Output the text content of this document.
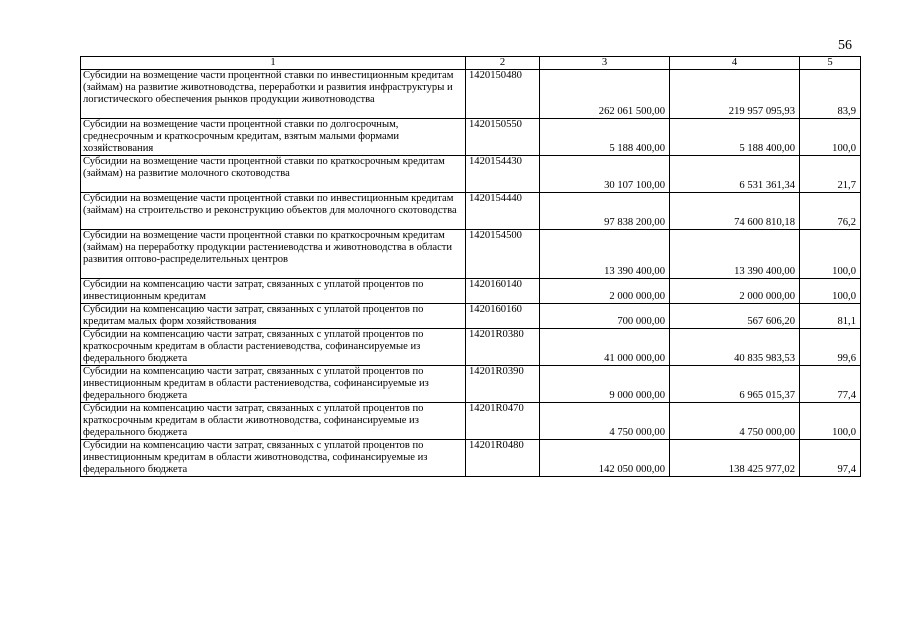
56
1	2	3	4	5
Субсидии на возмещение части процентной ставки по инвестиционным кредитам (займам) на развитие животноводства, переработки и развития инфраструктуры и логистического обеспечения рынков продукции животноводства	1420150480	262 061 500,00	219 957 095,93	83,9
Субсидии на возмещение части процентной ставки по долгосрочным, среднесрочным и краткосрочным кредитам, взятым малыми формами хозяйствования	1420150550	5 188 400,00	5 188 400,00	100,0
Субсидии на возмещение части процентной ставки по краткосрочным кредитам (займам) на развитие молочного скотоводства	1420154430	30 107 100,00	6 531 361,34	21,7
Субсидии на возмещение части процентной ставки по инвестиционным кредитам (займам) на строительство и реконструкцию объектов для молочного скотоводства	1420154440	97 838 200,00	74 600 810,18	76,2
Субсидии на возмещение части процентной ставки по краткосрочным кредитам (займам) на переработку продукции растениеводства и животноводства в области развития оптово-распределительных центров	1420154500	13 390 400,00	13 390 400,00	100,0
Субсидии на компенсацию части затрат, связанных с уплатой процентов по инвестиционным кредитам	1420160140	2 000 000,00	2 000 000,00	100,0
Субсидии на компенсацию части затрат, связанных с уплатой процентов по кредитам малых форм хозяйствования	1420160160	700 000,00	567 606,20	81,1
Субсидии на компенсацию части затрат, связанных с уплатой процентов по краткосрочным кредитам в области растениеводства, софинансируемые из федерального бюджета	14201R0380	41 000 000,00	40 835 983,53	99,6
Субсидии на компенсацию части затрат, связанных с уплатой процентов по инвестиционным кредитам в области растениеводства, софинансируемые из федерального бюджета	14201R0390	9 000 000,00	6 965 015,37	77,4
Субсидии на компенсацию части затрат, связанных с уплатой процентов по краткосрочным кредитам в области животноводства, софинансируемые из федерального бюджета	14201R0470	4 750 000,00	4 750 000,00	100,0
Субсидии на компенсацию части затрат, связанных с уплатой процентов по инвестиционным кредитам в области животноводства, софинансируемые из федерального бюджета	14201R0480	142 050 000,00	138 425 977,02	97,4
